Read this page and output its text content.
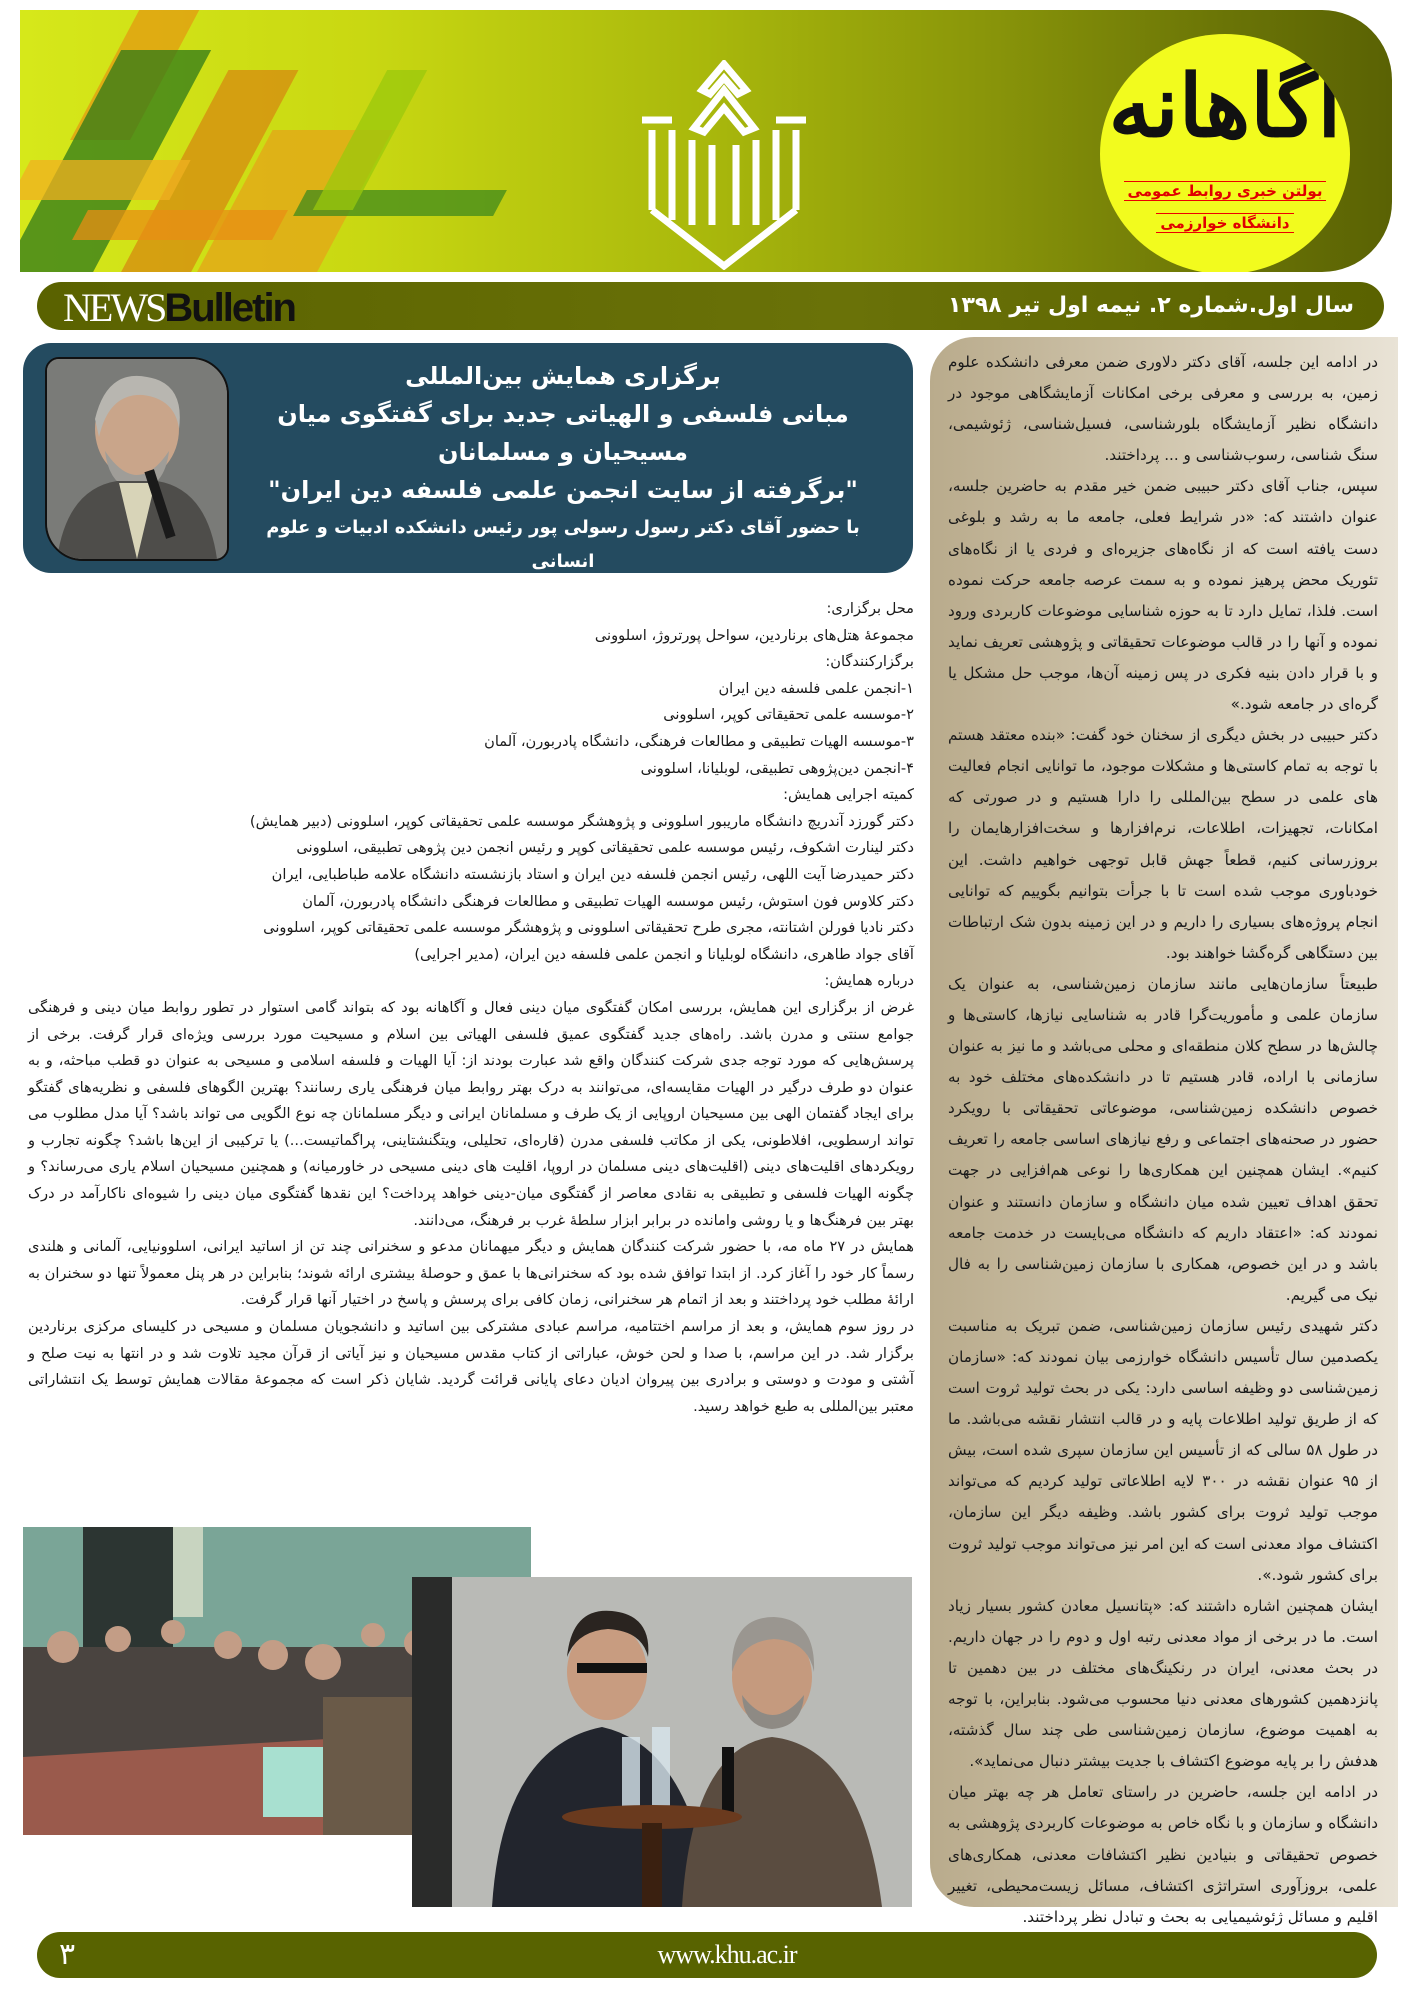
آگاهانه
بولتن خبری روابط عمومی
دانشگاه خوارزمی
NEWSBulletin	سال اول.شماره ۲. نیمه اول تیر ۱۳۹۸
برگزاری همایش بین‌المللی
مبانی فلسفی و الهیاتی جدید برای گفتگوی میان
مسیحیان و مسلمانان
"برگرفته از سایت انجمن علمی فلسفه دین ایران"
با حضور آقای دکتر رسول رسولی پور رئیس دانشکده ادبیات و علوم انسانی

در ادامه این جلسه، آقای دکتر دلاوری ضمن معرفی دانشکده علوم زمین، به بررسی و معرفی برخی امکانات آزمایشگاهی موجود در دانشگاه نظیر آزمایشگاه بلورشناسی، فسیل‌شناسی، ژئوشیمی، سنگ شناسی، رسوب‌شناسی و ... پرداختند.

سپس، جناب آقای دکتر حبیبی ضمن خیر مقدم به حاضرین جلسه، عنوان داشتند که: «در شرایط فعلی، جامعه ما به رشد و بلوغی دست یافته است که از نگاه‌های جزیره‌ای و فردی یا از نگاه‌های تئوریک محض پرهیز نموده و به سمت عرصه جامعه حرکت نموده است. فلذا، تمایل دارد تا به حوزه شناسایی موضوعات کاربردی ورود نموده و آنها را در قالب موضوعات تحقیقاتی و پژوهشی تعریف نماید و با قرار دادن بنیه فکری در پس زمینه آن‌ها، موجب حل مشکل یا گره‌ای در جامعه شود.»

دکتر حبیبی در بخش دیگری از سخنان خود گفت: «بنده معتقد هستم با توجه به تمام کاستی‌ها و مشکلات موجود، ما توانایی انجام فعالیت های علمی در سطح بین‌المللی را دارا هستیم و در صورتی که امکانات، تجهیزات، اطلاعات، نرم‌افزارها و سخت‌افزارهایمان را بروزرسانی کنیم، قطعاً جهش قابل توجهی خواهیم داشت. این خودباوری موجب شده است تا با جرأت بتوانیم بگوییم که توانایی انجام پروژه‌های بسیاری را داریم و در این زمینه بدون شک ارتباطات بین دستگاهی گره‌گشا خواهند بود.

طبیعتاً سازمان‌هایی مانند سازمان زمین‌شناسی، به عنوان یک سازمان علمی و مأموریت‌گرا قادر به شناسایی نیازها، کاستی‌ها و چالش‌ها در سطح کلان منطقه‌ای و محلی می‌باشد و ما نیز به عنوان سازمانی با اراده، قادر هستیم تا در دانشکده‌های مختلف خود به خصوص دانشکده زمین‌شناسی، موضوعاتی تحقیقاتی با رویکرد حضور در صحنه‌های اجتماعی و رفع نیازهای اساسی جامعه را تعریف کنیم». ایشان همچنین این همکاری‌ها را نوعی هم‌افزایی در جهت تحقق اهداف تعیین شده میان دانشگاه و سازمان دانستند و عنوان نمودند که: «اعتقاد داریم که دانشگاه می‌بایست در خدمت جامعه باشد و در این خصوص، همکاری با سازمان زمین‌شناسی را به فال نیک می گیریم.

دکتر شهیدی رئیس سازمان زمین‌شناسی، ضمن تبریک به مناسبت یکصدمین سال تأسیس دانشگاه خوارزمی بیان نمودند که: «سازمان زمین‌شناسی دو وظیفه اساسی دارد: یکی در بحث تولید ثروت است که از طریق تولید اطلاعات پایه و در قالب انتشار نقشه می‌باشد. ما در طول ۵۸ سالی که از تأسیس این سازمان سپری شده است، بیش از ۹۵ عنوان نقشه در ۳۰۰ لایه اطلاعاتی تولید کردیم که می‌تواند موجب تولید ثروت برای کشور باشد. وظیفه دیگر این سازمان، اکتشاف مواد معدنی است که این امر نیز می‌تواند موجب تولید ثروت برای کشور شود.».

ایشان همچنین اشاره داشتند که: «پتانسیل معادن کشور بسیار زیاد است. ما در برخی از مواد معدنی رتبه اول و دوم را در جهان داریم. در بحث معدنی، ایران در رنکینگ‌های مختلف در بین دهمین تا پانزدهمین کشورهای معدنی دنیا محسوب می‌شود. بنابراین، با توجه به اهمیت موضوع، سازمان زمین‌شناسی طی چند سال گذشته، هدفش را بر پایه موضوع اکتشاف با جدیت بیشتر دنبال می‌نماید».

در ادامه این جلسه، حاضرین در راستای تعامل هر چه بهتر میان دانشگاه و سازمان و با نگاه خاص به موضوعات کاربردی پژوهشی به خصوص تحقیقاتی و بنیادین نظیر اکتشافات معدنی، همکاری‌های علمی، بروزآوری استراتژی اکتشاف، مسائل زیست‌محیطی، تغییر اقلیم و مسائل ژئوشیمیایی به بحث و تبادل نظر پرداختند.

محل برگزاری:

مجموعهٔ هتل‌های برناردین، سواحل پورتروژ، اسلوونی

برگزارکنندگان:

۱-انجمن علمی فلسفه دین ایران

۲-موسسه علمی تحقیقاتی کوپر، اسلوونی

۳-موسسه الهیات تطبیقی و مطالعات فرهنگی، دانشگاه پادربورن، آلمان

۴-انجمن دین‌پژوهی تطبیقی، لوبلیانا، اسلوونی

کمیته اجرایی همایش:

دکتر گورزد آندریچ دانشگاه ماریبور اسلوونی و پژوهشگر موسسه علمی تحقیقاتی کوپر، اسلوونی (دبیر همایش)

دکتر لینارت اشکوف، رئیس موسسه علمی تحقیقاتی کوپر و رئیس انجمن دین پژوهی تطبیقی، اسلوونی

دکتر حمیدرضا آیت اللهی، رئیس انجمن فلسفه دین ایران و استاد بازنشسته دانشگاه علامه طباطبایی، ایران

دکتر کلاوس فون استوش، رئیس موسسه الهیات تطبیقی و مطالعات فرهنگی دانشگاه پادربورن، آلمان

دکتر نادیا فورلن اشتانته، مجری طرح تحقیقاتی اسلوونی و پژوهشگر موسسه علمی تحقیقاتی کوپر، اسلوونی

آقای جواد طاهری، دانشگاه لوبلیانا و انجمن علمی فلسفه دین ایران، (مدیر اجرایی)

درباره همایش:

غرض از برگزاری این همایش، بررسی امکان گفتگوی میان دینی فعال و آگاهانه بود که بتواند گامی استوار در تطور روابط میان دینی و فرهنگی جوامع سنتی و مدرن باشد. راه‌های جدید گفتگوی عمیق فلسفی الهیاتی بین اسلام و مسیحیت مورد بررسی ویژه‌ای قرار گرفت. برخی از پرسش‌هایی که مورد توجه جدی شرکت کنندگان واقع شد عبارت بودند از: آیا الهیات و فلسفه اسلامی و مسیحی به عنوان دو قطب مباحثه، و به عنوان دو طرف درگیر در الهیات مقایسه‌ای، می‌توانند به درک بهتر روابط میان فرهنگی یاری رسانند؟ بهترین الگوهای فلسفی و نظریه‌های گفتگو برای ایجاد گفتمان الهی بین مسیحیان اروپایی از یک طرف و مسلمانان ایرانی و دیگر مسلمانان چه نوع الگویی می تواند باشد؟ آیا مدل مطلوب می تواند ارسطویی، افلاطونی، یکی از مکاتب فلسفی مدرن (قاره‌ای، تحلیلی، ویتگنشتاینی، پراگماتیست...) یا ترکیبی از این‌ها باشد؟ چگونه تجارب و رویکردهای اقلیت‌های دینی (اقلیت‌های دینی مسلمان در اروپا، اقلیت های دینی مسیحی در خاورمیانه) و همچنین مسیحیان اسلام یاری می‌رساند؟ و چگونه الهیات فلسفی و تطبیقی به نقادی معاصر از گفتگوی میان-دینی خواهد پرداخت؟ این نقدها گفتگوی میان دینی را شیوه‌ای ناکارآمد در درک بهتر بین فرهنگ‌ها و یا روشی وامانده در برابر ابزار سلطهٔ غرب بر فرهنگ، می‌دانند.

همایش در ۲۷ ماه مه، با حضور شرکت کنندگان همایش و دیگر میهمانان مدعو و سخنرانی چند تن از اساتید ایرانی، اسلوونیایی، آلمانی و هلندی رسماً کار خود را آغاز کرد. از ابتدا توافق شده بود که سخنرانی‌ها با عمق و حوصلهٔ بیشتری ارائه شوند؛ بنابراین در هر پنل معمولاً تنها دو سخنران به ارائهٔ مطلب خود پرداختند و بعد از اتمام هر سخنرانی، زمان کافی برای پرسش و پاسخ در اختیار آنها قرار گرفت.

در روز سوم همایش، و بعد از مراسم اختتامیه، مراسم عبادی مشترکی بین اساتید و دانشجویان مسلمان و مسیحی در کلیسای مرکزی برناردین برگزار شد. در این مراسم، با صدا و لحن خوش، عباراتی از کتاب مقدس مسیحیان و نیز آیاتی از قرآن مجید تلاوت شد و در انتها به نیت صلح و آشتی و مودت و دوستی و برادری بین پیروان ادیان دعای پایانی قرائت گردید. شایان ذکر است که مجموعهٔ مقالات همایش توسط یک انتشاراتی معتبر بین‌المللی به طبع خواهد رسید.

۳	www.khu.ac.ir
